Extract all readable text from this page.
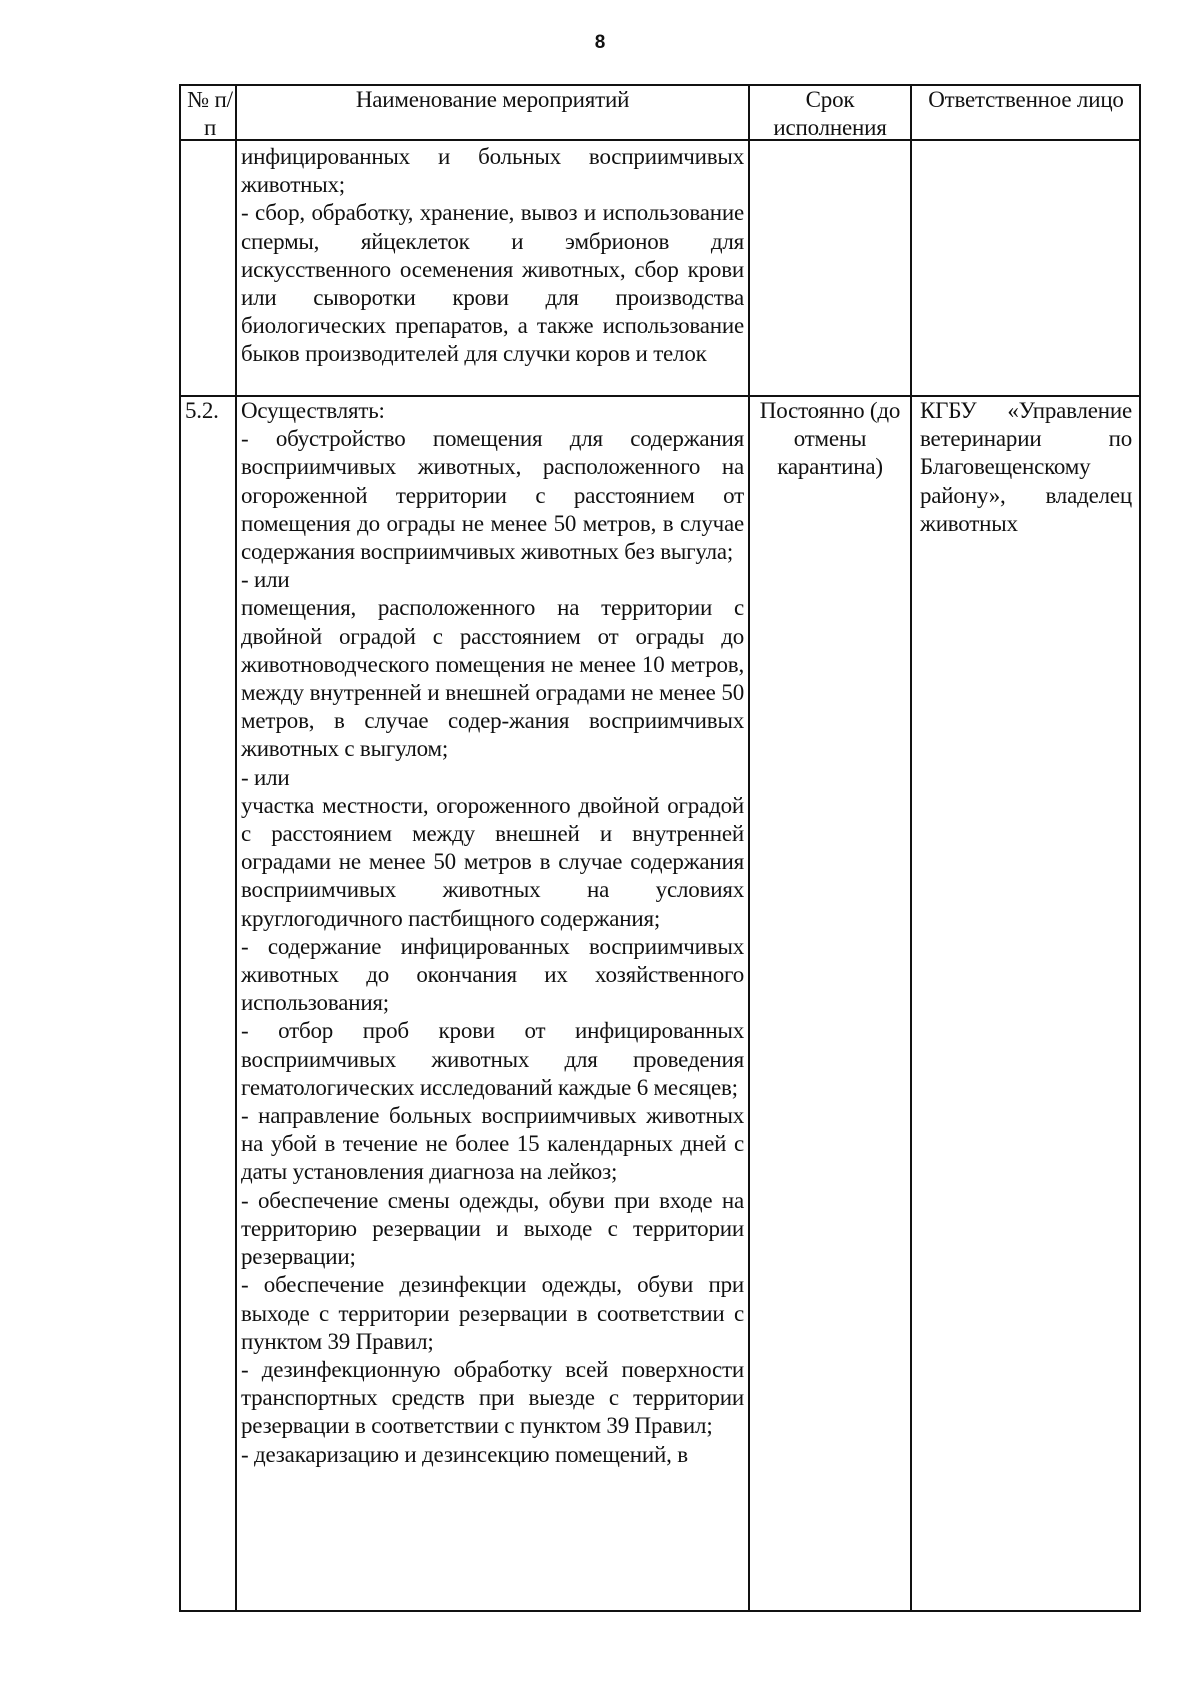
8
№ п/п
Наименование мероприятий	Срок исполнения
Ответственное лицо
инфицированных и больных восприимчивых животных;
- сбор, обработку, хранение, вывоз и использование спермы, яйцеклеток и эмбрионов для искусственного осеменения животных, сбор крови или сыворотки крови для производства биологических препаратов, а также использование быков производителей для случки коров и телок
5.2. Осуществлять:
- обустройство помещения для содержания восприимчивых животных, расположенного на огороженной территории с расстоянием от помещения до ограды не менее 50 метров, в случае содержания восприимчивых животных без выгула;
- или
помещения, расположенного на территории с двойной оградой с расстоянием от ограды до животноводческого помещения не менее 10 метров, между внутренней и внешней оградами не менее 50 метров, в случае содер-жания восприимчивых животных с выгулом;
- или
участка местности, огороженного двойной оградой с расстоянием между внешней и внутренней оградами не менее 50 метров в случае содержания восприимчивых животных на условиях круглогодичного пастбищного содержания;
- содержание инфицированных восприимчивых животных до окончания их хозяйственного использования;
- отбор проб крови от инфицированных восприимчивых животных для проведения гематологических исследований каждые 6 месяцев;
- направление больных восприимчивых животных на убой в течение не более 15 календарных дней с даты установления диагноза на лейкоз;
- обеспечение смены одежды, обуви при входе на территорию резервации и выходе с территории резервации;
- обеспечение дезинфекции одежды, обуви при выходе с территории резервации в соответствии с пунктом 39 Правил;
- дезинфекционную обработку всей поверхности транспортных средств при выезде с территории резервации в соответствии с пунктом 39 Правил;
- дезакаризацию и дезинсекцию помещений, в
Постоянно (до отмены карантина)
КГБУ «Управление ветеринарии по Благовещенскому району», владелец животных
